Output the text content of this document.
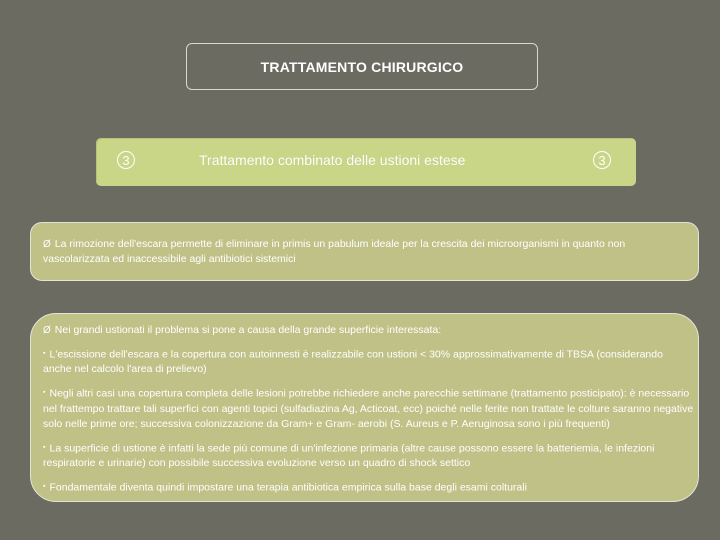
TRATTAMENTO CHIRURGICO
3	Trattamento combinato delle ustioni estese	3

Ø La rimozione dell'escara permette di eliminare in primis un pabulum ideale per la crescita dei microorganismi in quanto non vascolarizzata ed inaccessibile agli antibiotici sistemici

Ø Nei grandi ustionati il problema si pone a causa della grande superficie interessata:

▪ L'escissione dell'escara e la copertura con autoinnesti è realizzabile con ustioni < 30% approssimativamente di TBSA (considerando anche nel calcolo l'area di prelievo)

▪ Negli altri casi una copertura completa delle lesioni potrebbe richiedere anche parecchie settimane (trattamento posticipato): è necessario nel frattempo trattare tali superfici con agenti topici (sulfadiazina Ag, Acticoat, ecc) poiché nelle ferite non trattate le colture saranno negative solo nelle prime ore; successiva colonizzazione da Gram+ e Gram- aerobi (S. Aureus e P. Aeruginosa sono i più frequenti)

▪ La superficie di ustione è infatti la sede più comune di un'infezione primaria (altre cause possono essere la batteriemia, le infezioni respiratorie e urinarie) con possibile successiva evoluzione verso un quadro di shock settico

▪ Fondamentale diventa quindi impostare una terapia antibiotica empirica sulla base degli esami colturali
